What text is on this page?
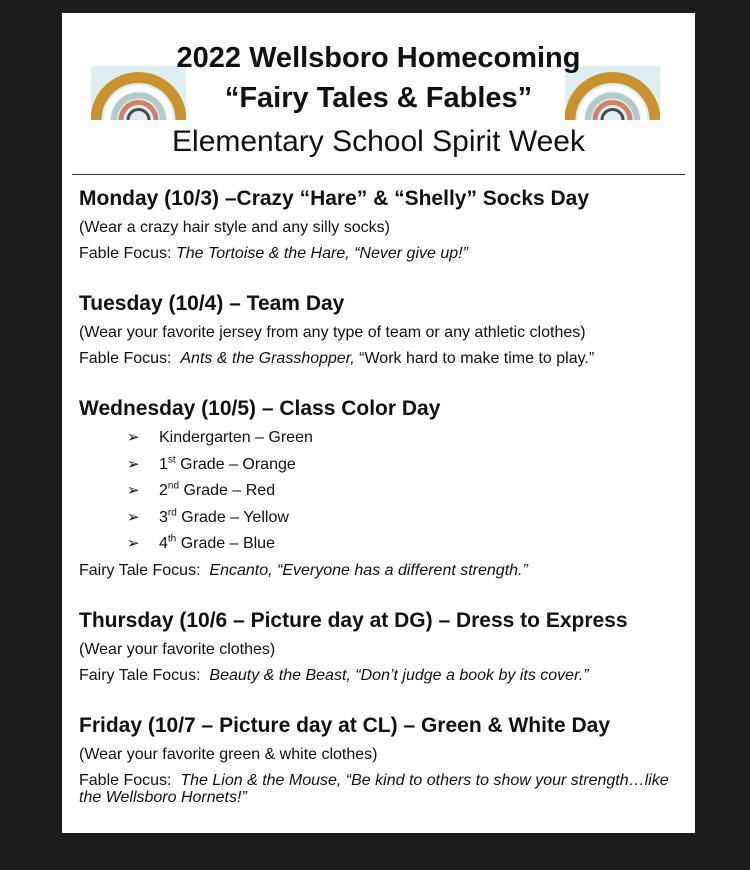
2022 Wellsboro Homecoming
“Fairy Tales & Fables”
Elementary School Spirit Week
Monday (10/3) –Crazy “Hare” & “Shelly” Socks Day
(Wear a crazy hair style and any silly socks)
Fable Focus: The Tortoise & the Hare, “Never give up!”
Tuesday (10/4) – Team Day
(Wear your favorite jersey from any type of team or any athletic clothes)
Fable Focus:  Ants & the Grasshopper, “Work hard to make time to play.”
Wednesday (10/5) – Class Color Day
➢ Kindergarten – Green
➢ 1st Grade – Orange
➢ 2nd Grade – Red
➢ 3rd Grade – Yellow
➢ 4th Grade – Blue
Fairy Tale Focus:  Encanto, “Everyone has a different strength.”
Thursday (10/6 – Picture day at DG) – Dress to Express
(Wear your favorite clothes)
Fairy Tale Focus:  Beauty & the Beast, “Don’t judge a book by its cover.”
Friday (10/7 – Picture day at CL) – Green & White Day
(Wear your favorite green & white clothes)
Fable Focus:  The Lion & the Mouse, “Be kind to others to show your strength…like the Wellsboro Hornets!”
